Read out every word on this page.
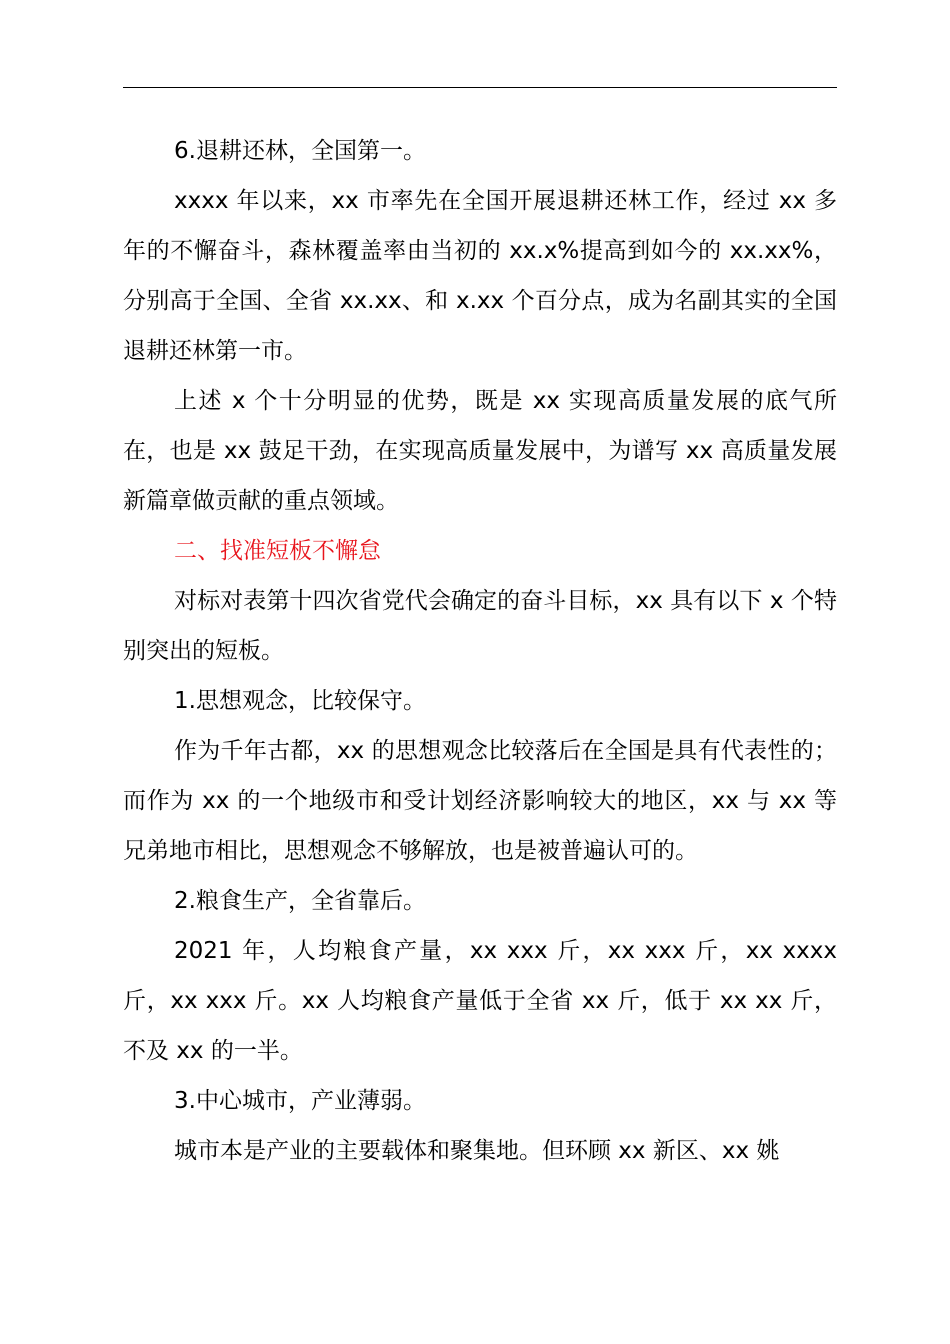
6.退耕还林，全国第一。

xxxx 年以来，xx 市率先在全国开展退耕还林工作，经过 xx 多年的不懈奋斗，森林覆盖率由当初的 xx.x%提高到如今的 xx.xx%，分别高于全国、全省 xx.xx、和 x.xx 个百分点，成为名副其实的全国退耕还林第一市。

上述 x 个十分明显的优势，既是 xx 实现高质量发展的底气所在，也是 xx 鼓足干劲，在实现高质量发展中，为谱写 xx 高质量发展新篇章做贡献的重点领域。

二、找准短板不懈怠

对标对表第十四次省党代会确定的奋斗目标，xx 具有以下 x 个特别突出的短板。

1.思想观念，比较保守。

作为千年古都，xx 的思想观念比较落后在全国是具有代表性的；而作为 xx 的一个地级市和受计划经济影响较大的地区，xx 与 xx 等兄弟地市相比，思想观念不够解放，也是被普遍认可的。

2.粮食生产，全省靠后。

2021 年，人均粮食产量，xx xxx 斤，xx xxx 斤，xx xxxx 斤，xx xxx 斤。xx 人均粮食产量低于全省 xx 斤，低于 xx xx 斤，不及 xx 的一半。

3.中心城市，产业薄弱。

城市本是产业的主要载体和聚集地。但环顾 xx 新区、xx 姚
